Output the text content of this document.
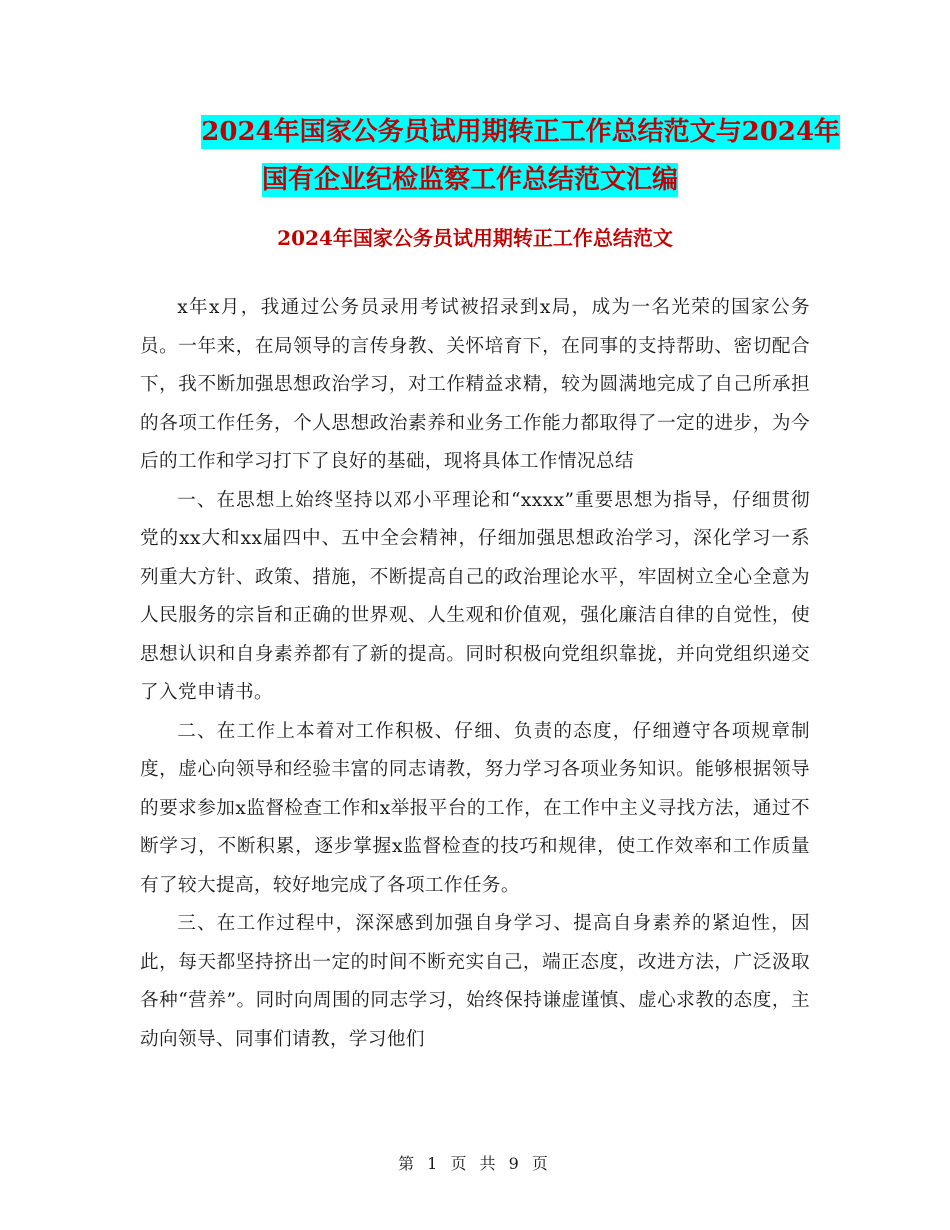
2024年国家公务员试用期转正工作总结范文与2024年
国有企业纪检监察工作总结范文汇编
2024年国家公务员试用期转正工作总结范文

x年x月，我通过公务员录用考试被招录到x局，成为一名光荣的国家公务员。一年来，在局领导的言传身教、关怀培育下，在同事的支持帮助、密切配合下，我不断加强思想政治学习，对工作精益求精，较为圆满地完成了自己所承担的各项工作任务，个人思想政治素养和业务工作能力都取得了一定的进步，为今后的工作和学习打下了良好的基础，现将具体工作情况总结

一、在思想上始终坚持以邓小平理论和“xxxx”重要思想为指导，仔细贯彻党的xx大和xx届四中、五中全会精神，仔细加强思想政治学习，深化学习一系列重大方针、政策、措施，不断提高自己的政治理论水平，牢固树立全心全意为人民服务的宗旨和正确的世界观、人生观和价值观，强化廉洁自律的自觉性，使思想认识和自身素养都有了新的提高。同时积极向党组织靠拢，并向党组织递交了入党申请书。

二、在工作上本着对工作积极、仔细、负责的态度，仔细遵守各项规章制度，虚心向领导和经验丰富的同志请教，努力学习各项业务知识。能够根据领导的要求参加x监督检查工作和x举报平台的工作，在工作中主义寻找方法，通过不断学习，不断积累，逐步掌握x监督检查的技巧和规律，使工作效率和工作质量有了较大提高，较好地完成了各项工作任务。

三、在工作过程中，深深感到加强自身学习、提高自身素养的紧迫性，因此，每天都坚持挤出一定的时间不断充实自己，端正态度，改进方法，广泛汲取各种“营养”。同时向周围的同志学习，始终保持谦虚谨慎、虚心求教的态度，主动向领导、同事们请教，学习他们

第 1 页 共 9 页
